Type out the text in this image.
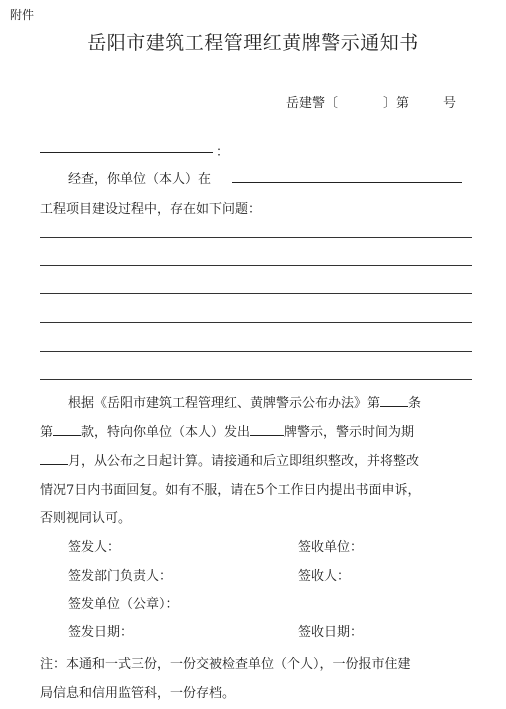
附件
岳阳市建筑工程管理红黄牌警示通知书
岳建警〔	〕第	号
：
经查，你单位（本人）在
工程项目建设过程中，存在如下问题：
根据《岳阳市建筑工程管理红、黄牌警示公布办法》第 条
第 款，特向你单位（本人）发出	牌警示，警示时间为期
月，从公布之日起计算。请接通和后立即组织整改，并将整改
情况7日内书面回复。如有不服，请在5个工作日内提出书面申诉，
否则视同认可。
签发人：	签收单位：
签发部门负责人：	签收人：
签发单位（公章）：
签发日期：	签收日期：
注：本通和一式三份，一份交被检查单位（个人），一份报市住建
局信息和信用监管科，一份存档。
